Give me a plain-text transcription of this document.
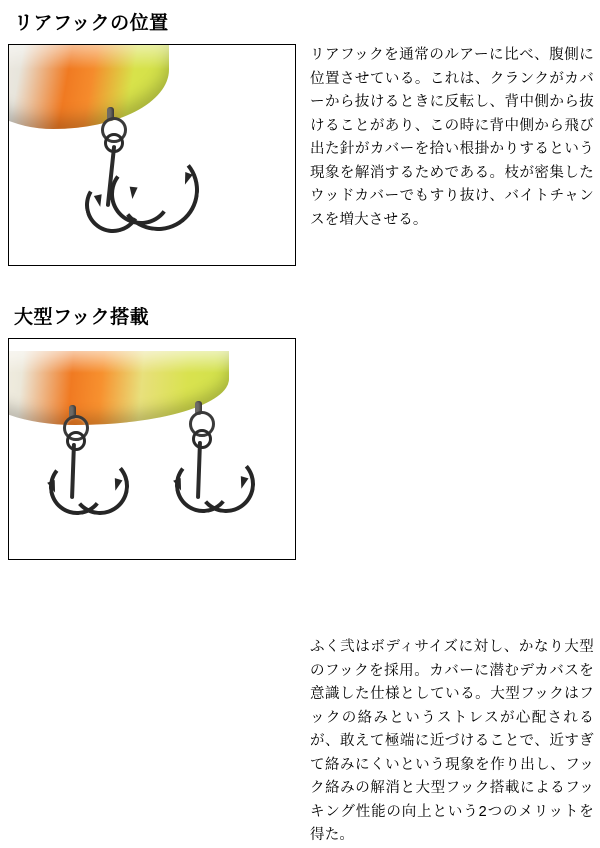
リアフックの位置
リアフックを通常のルアーに比べ、腹側に位置させている。これは、クランクがカバーから抜けるときに反転し、背中側から抜けることがあり、この時に背中側から飛び出た針がカバーを拾い根掛かりするという現象を解消するためである。枝が密集したウッドカバーでもすり抜け、バイトチャンスを増大させる。
大型フック搭載
ふく弐はボディサイズに対し、かなり大型のフックを採用。カバーに潜むデカバスを意識した仕様としている。大型フックはフックの絡みというストレスが心配されるが、敢えて極端に近づけることで、近すぎて絡みにくいという現象を作り出し、フック絡みの解消と大型フック搭載によるフッキング性能の向上という2つのメリットを得た。
